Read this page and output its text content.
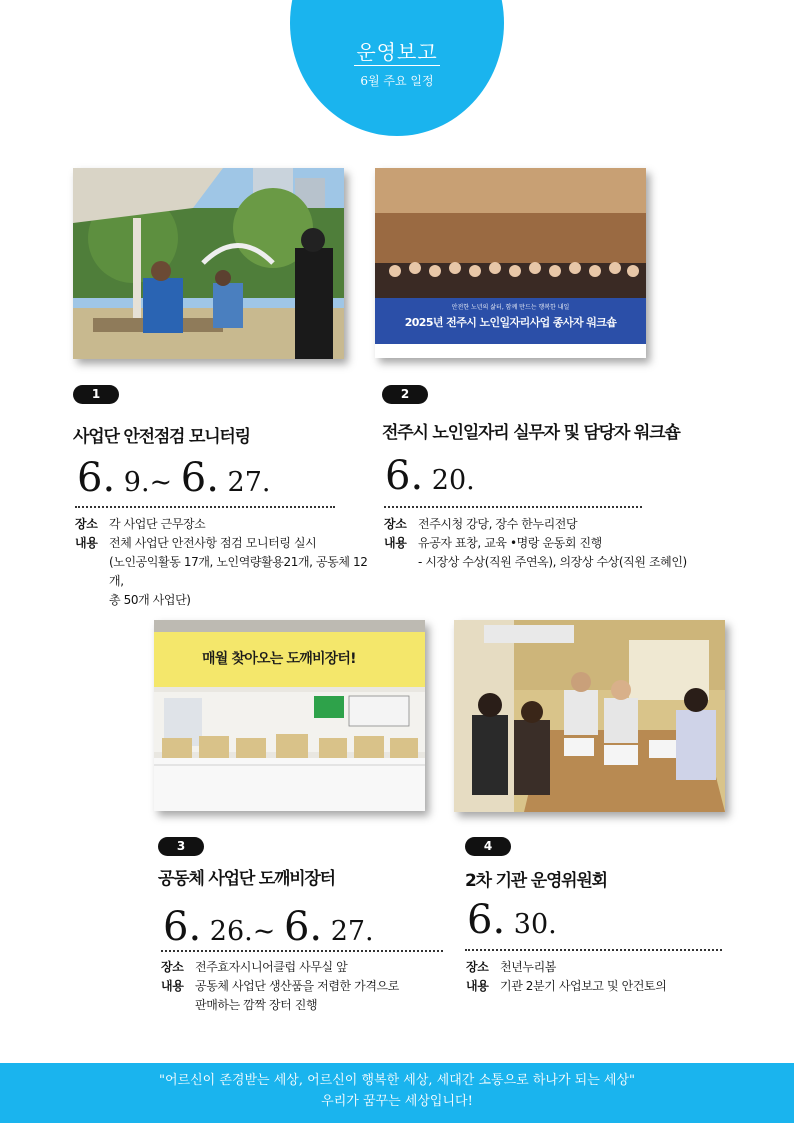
운영보고
6월 주요 일정
안전한 노년의 삶터, 함께 만드는 행복한 내일
2025년 전주시 노인일자리사업 종사자 워크숍
1
사업단 안전점검 모니터링
6. 9.~ 6. 27.
장소 각 사업단 근무장소
내용 전체 사업단 안전사항 점검 모니터링 실시
(노인공익활동 17개, 노인역량활용21개, 공동체 12개,
총 50개 사업단)
2
전주시 노인일자리 실무자 및 담당자 워크숍
6. 20.
장소 전주시청 강당, 장수 한누리전당
내용 유공자 표창, 교육 •명랑 운동회 진행
- 시장상 수상(직원 주연옥), 의장상 수상(직원 조혜인)
매월 찾아오는 도깨비장터!
3
공동체 사업단 도깨비장터
6. 26.~ 6. 27.
장소 전주효자시니어클럽 사무실 앞
내용 공동체 사업단 생산품을 저렴한 가격으로
판매하는 깜짝 장터 진행
4
2차 기관 운영위원회
6. 30.
장소 천년누리봄
내용 기관 2분기 사업보고 및 안건토의
"어르신이 존경받는 세상, 어르신이 행복한 세상, 세대간 소통으로 하나가 되는 세상"
우리가 꿈꾸는 세상입니다!
